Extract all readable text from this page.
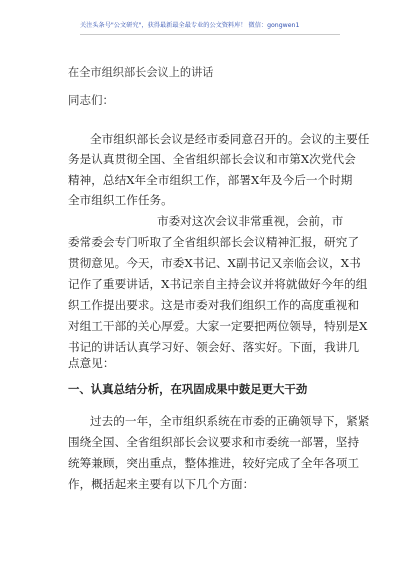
关注头条号"公文研究"，获得最新最全最专业的公文资料库！ 微信：gongwen1
在全市组织部长会议上的讲话
同志们：
全市组织部长会议是经市委同意召开的。会议的主要任
务是认真贯彻全国、全省组织部长会议和市第X次党代会
精神，总结X年全市组织工作，部署X年及今后一个时期
全市组织工作任务。
市委对这次会议非常重视，会前，市
委常委会专门听取了全省组织部长会议精神汇报，研究了
贯彻意见。今天，市委X书记、X副书记又亲临会议，X书
记作了重要讲话，X书记亲自主持会议并将就做好今年的组
织工作提出要求。这是市委对我们组织工作的高度重视和
对组工干部的关心厚爱。大家一定要把两位领导，特别是X
书记的讲话认真学习好、领会好、落实好。下面，我讲几
点意见：
一、认真总结分析，在巩固成果中鼓足更大干劲
过去的一年，全市组织系统在市委的正确领导下，紧紧
围绕全国、全省组织部长会议要求和市委统一部署，坚持
统筹兼顾，突出重点，整体推进，较好完成了全年各项工
作，概括起来主要有以下几个方面：
